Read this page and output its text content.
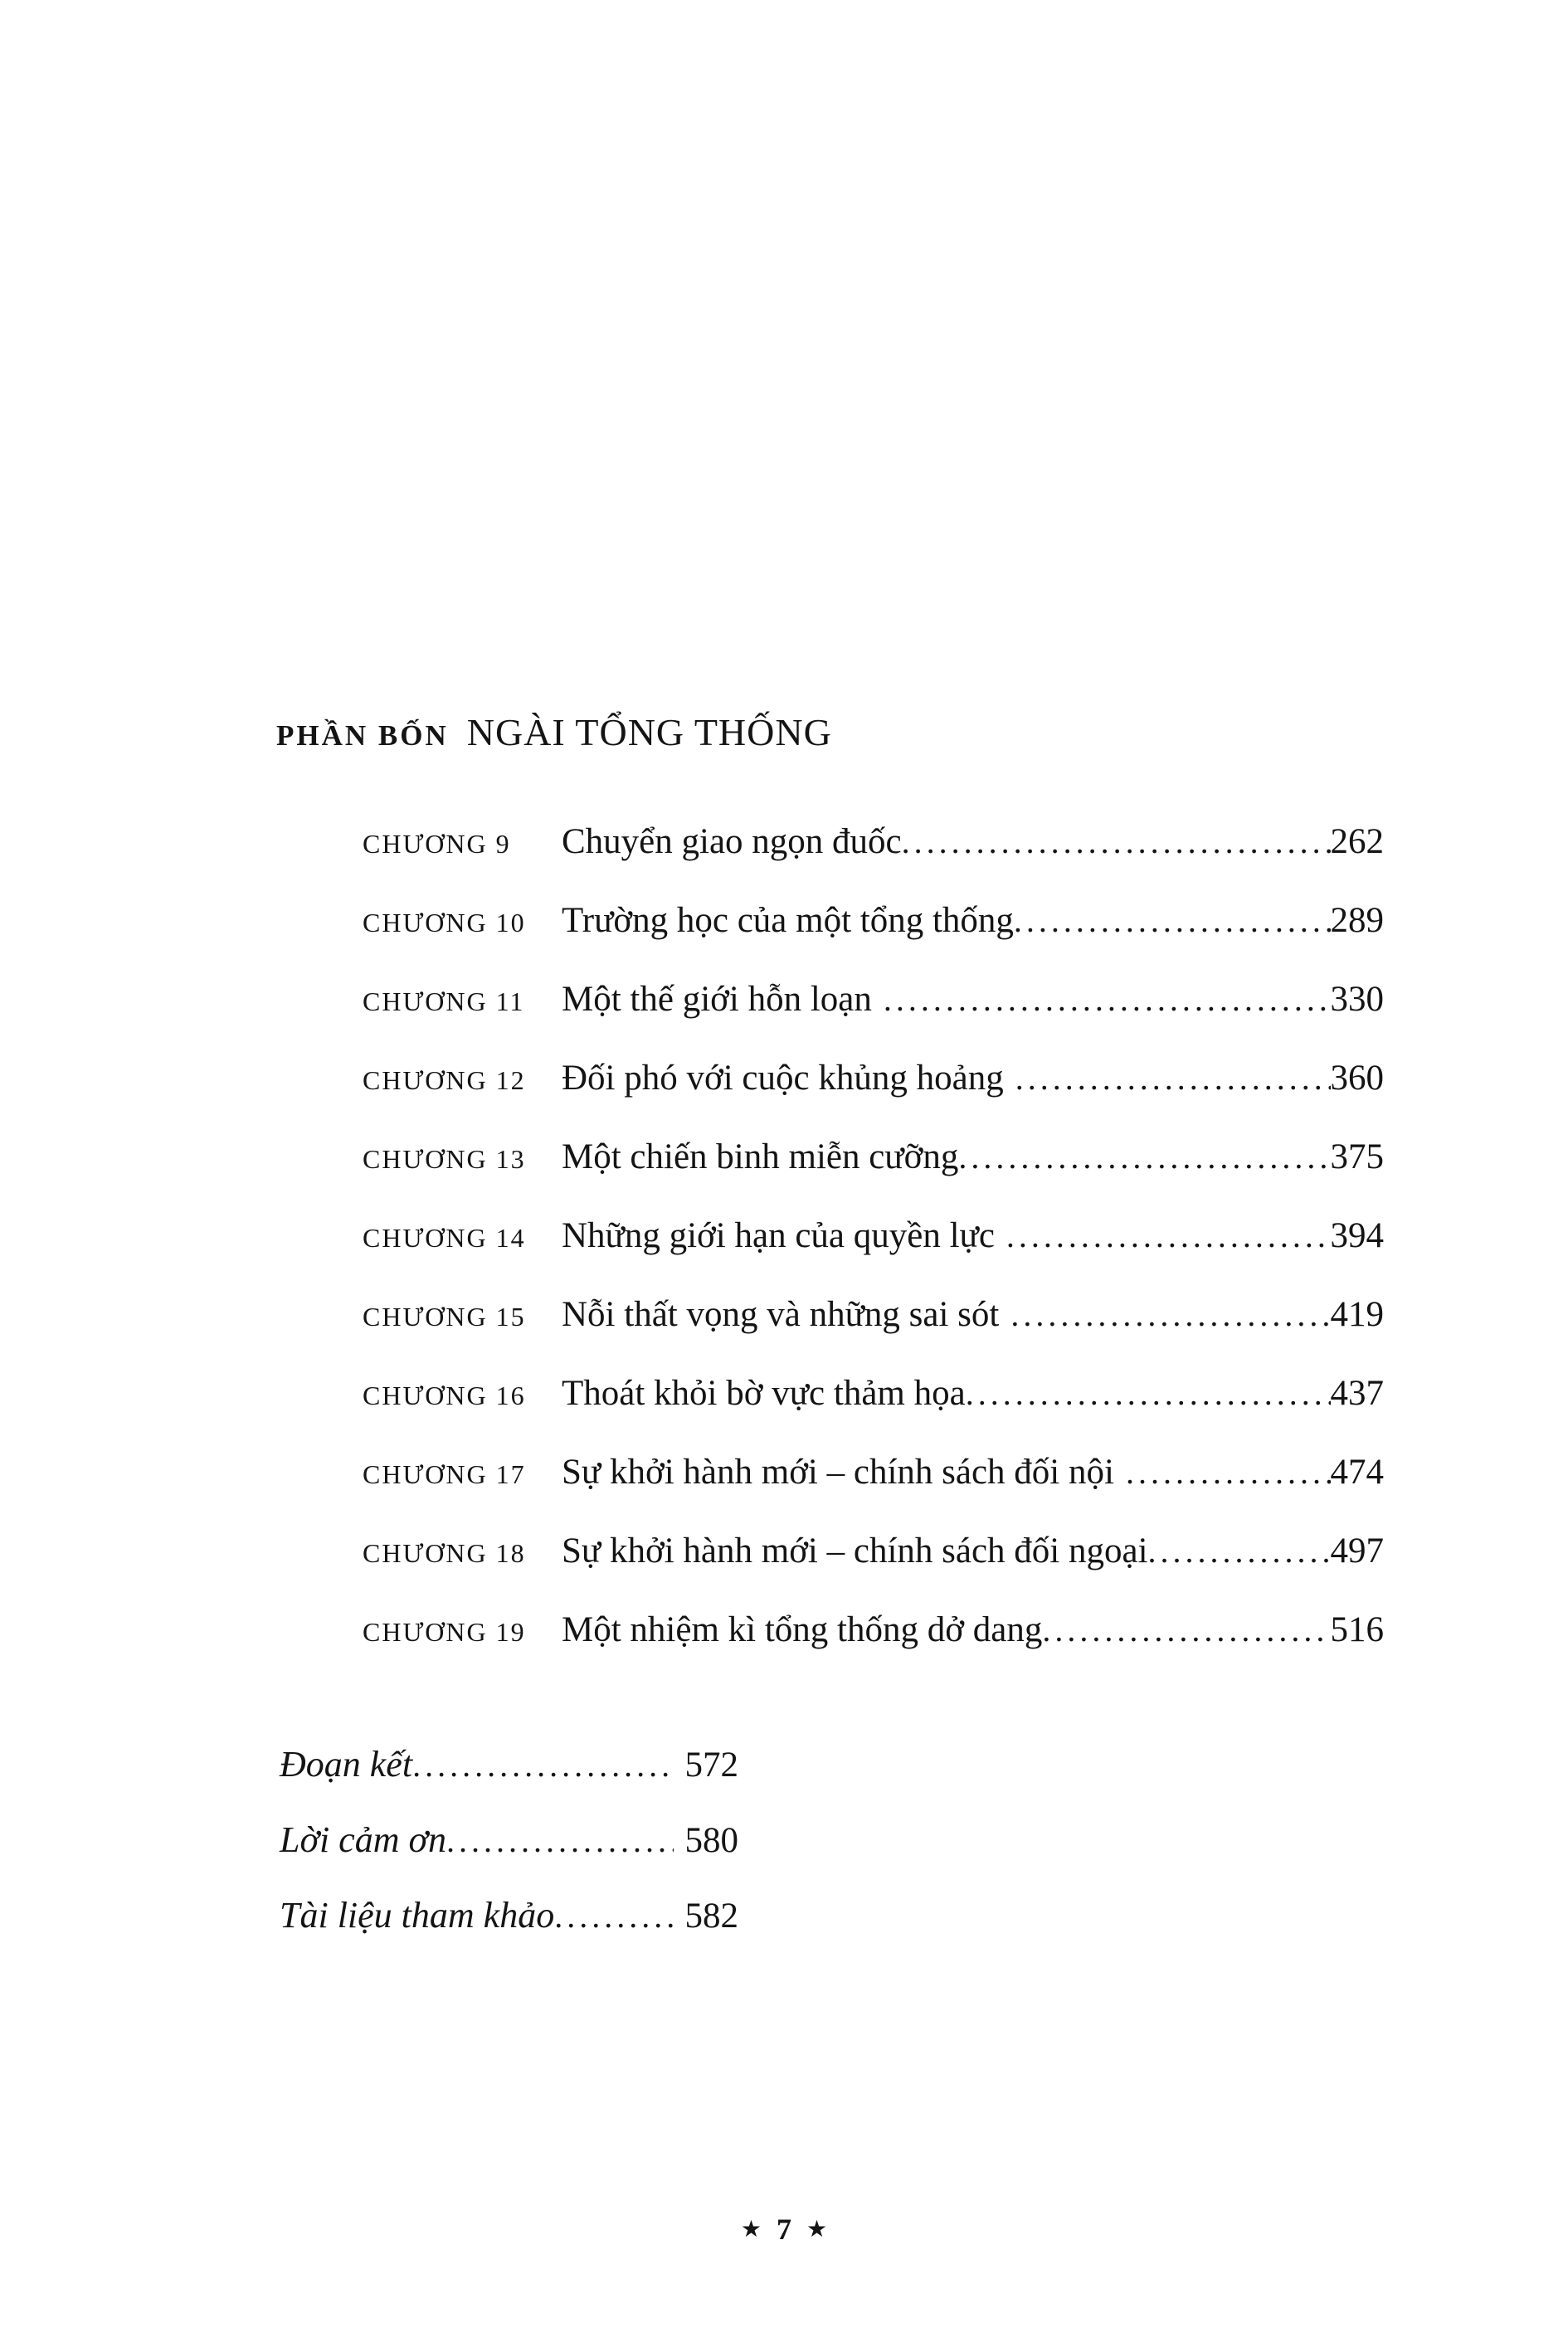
PHẦN BỐN NGÀI TỔNG THỐNG
CHƯƠNG 9	Chuyển giao ngọn đuốc .....	262
CHƯƠNG 10	Trường học của một tổng thống .....	289
CHƯƠNG 11	Một thế giới hỗn loạn .....	330
CHƯƠNG 12	Đối phó với cuộc khủng hoảng .....	360
CHƯƠNG 13	Một chiến binh miễn cưỡng .....	375
CHƯƠNG 14	Những giới hạn của quyền lực .....	394
CHƯƠNG 15	Nỗi thất vọng và những sai sót .....	419
CHƯƠNG 16	Thoát khỏi bờ vực thảm họa .....	437
CHƯƠNG 17	Sự khởi hành mới – chính sách đối nội .....	474
CHƯƠNG 18	Sự khởi hành mới – chính sách đối ngoại .....	497
CHƯƠNG 19	Một nhiệm kì tổng thống dở dang .....	516
Đoạn kết .....	572
Lời cảm ơn .....	580
Tài liệu tham khảo .....	582
★ 7 ★
